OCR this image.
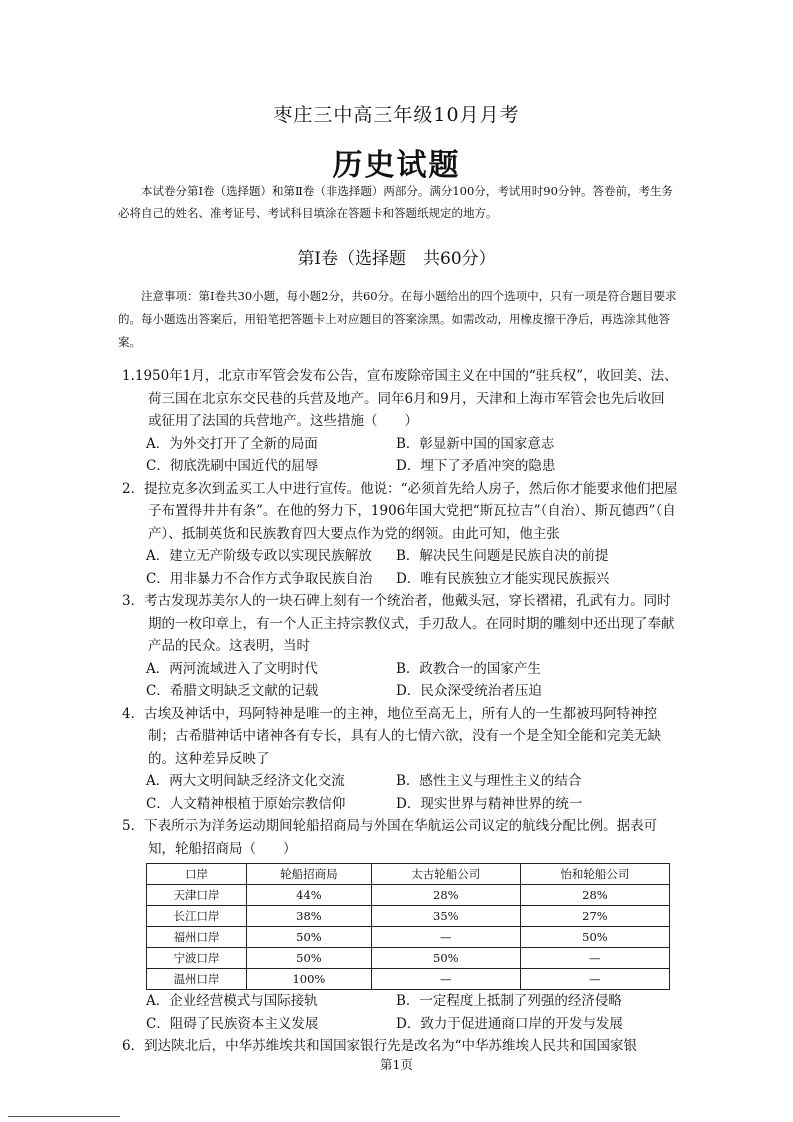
枣庄三中高三年级10月月考
历史试题
本试卷分第Ⅰ卷（选择题）和第Ⅱ卷（非选择题）两部分。满分100分，考试用时90分钟。答卷前，考生务必将自己的姓名、准考证号、考试科目填涂在答题卡和答题纸规定的地方。
第Ⅰ卷（选择题　共60分）
注意事项：第Ⅰ卷共30小题，每小题2分，共60分。在每小题给出的四个选项中，只有一项是符合题目要求的。每小题选出答案后，用铅笔把答题卡上对应题目的答案涂黑。如需改动，用橡皮擦干净后，再选涂其他答案。
1.1950年1月，北京市军管会发布公告，宣布废除帝国主义在中国的“驻兵权”，收回美、法、荷三国在北京东交民巷的兵营及地产。同年6月和9月，天津和上海市军管会也先后收回或征用了法国的兵营地产。这些措施（　　）
A．为外交打开了全新的局面	B．彰显新中国的国家意志
C．彻底洗刷中国近代的屈辱	D．埋下了矛盾冲突的隐患
2．提拉克多次到孟买工人中进行宣传。他说：“必须首先给人房子，然后你才能要求他们把屋子布置得井井有条”。在他的努力下，1906年国大党把“斯瓦拉吉”（自治）、斯瓦德西”（自产）、抵制英货和民族教育四大要点作为党的纲领。由此可知，他主张
A．建立无产阶级专政以实现民族解放	B．解决民生问题是民族自决的前提
C．用非暴力不合作方式争取民族自治	D．唯有民族独立才能实现民族振兴
3．考古发现苏美尔人的一块石碑上刻有一个统治者，他戴头冠，穿长褶裙，孔武有力。同时期的一枚印章上，有一个人正主持宗教仪式，手刃敌人。在同时期的雕刻中还出现了奉献产品的民众。这表明，当时
A．两河流域进入了文明时代	B．政教合一的国家产生
C．希腊文明缺乏文献的记载	D．民众深受统治者压迫
4．古埃及神话中，玛阿特神是唯一的主神，地位至高无上，所有人的一生都被玛阿特神控制；古希腊神话中诸神各有专长，具有人的七情六欲，没有一个是全知全能和完美无缺的。这种差异反映了
A．两大文明间缺乏经济文化交流	B．感性主义与理性主义的结合
C．人文精神根植于原始宗教信仰	D．现实世界与精神世界的统一
5．下表所示为洋务运动期间轮船招商局与外国在华航运公司议定的航线分配比例。据表可知，轮船招商局（　　）
口岸	轮船招商局	太古轮船公司	怡和轮船公司
天津口岸	44%	28%	28%
长江口岸	38%	35%	27%
福州口岸	50%	—	50%
宁波口岸	50%	50%	—
温州口岸	100%	—	—
A．企业经营模式与国际接轨	B．一定程度上抵制了列强的经济侵略
C．阻碍了民族资本主义发展	D．致力于促进通商口岸的开发与发展
6．到达陕北后，中华苏维埃共和国国家银行先是改名为“中华苏维埃人民共和国国家银
第1页
